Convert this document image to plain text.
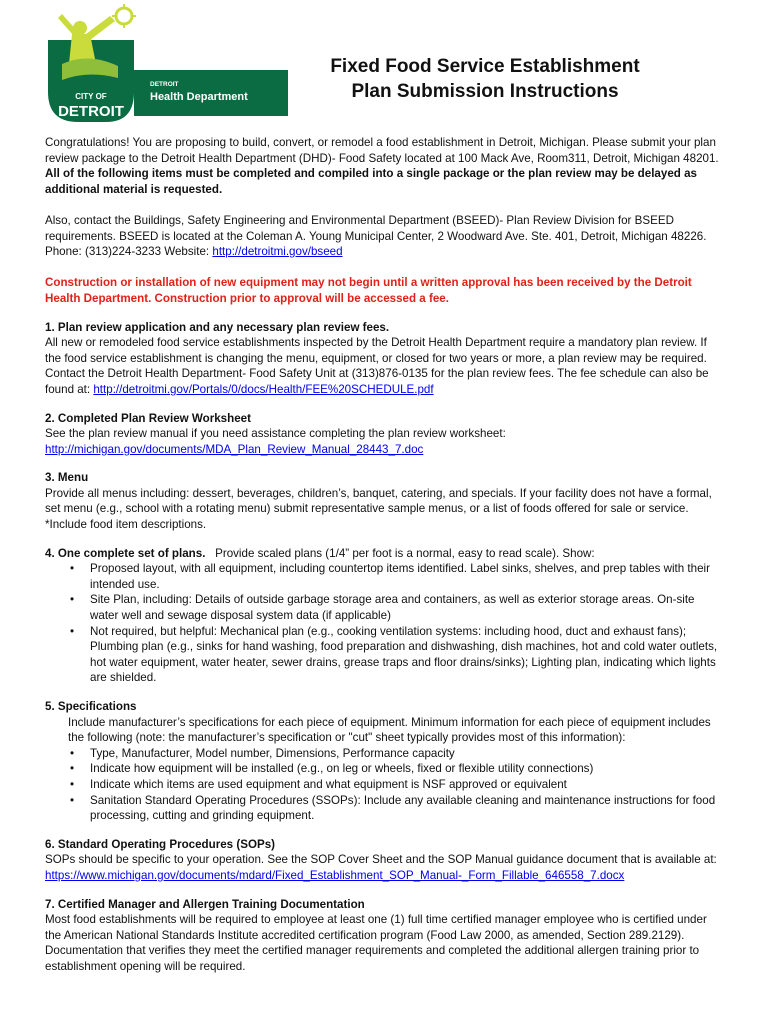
CITY OF
DETROIT
DETROIT
Health Department
Fixed Food Service Establishment
Plan Submission Instructions

Congratulations! You are proposing to build, convert, or remodel a food establishment in Detroit, Michigan. Please submit your plan review package to the Detroit Health Department (DHD)- Food Safety located at 100 Mack Ave, Room311, Detroit, Michigan 48201. All of the following items must be completed and compiled into a single package or the plan review may be delayed as additional material is requested.

Also, contact the Buildings, Safety Engineering and Environmental Department (BSEED)- Plan Review Division for BSEED requirements. BSEED is located at the Coleman A. Young Municipal Center, 2 Woodward Ave. Ste. 401, Detroit, Michigan 48226. Phone: (313)224-3233 Website: http://detroitmi.gov/bseed

Construction or installation of new equipment may not begin until a written approval has been received by the Detroit Health Department. Construction prior to approval will be accessed a fee.

1. Plan review application and any necessary plan review fees.

All new or remodeled food service establishments inspected by the Detroit Health Department require a mandatory plan review. If the food service establishment is changing the menu, equipment, or closed for two years or more, a plan review may be required. Contact the Detroit Health Department- Food Safety Unit at (313)876-0135 for the plan review fees. The fee schedule can also be found at: http://detroitmi.gov/Portals/0/docs/Health/FEE%20SCHEDULE.pdf

2. Completed Plan Review Worksheet

See the plan review manual if you need assistance completing the plan review worksheet:

http://michigan.gov/documents/MDA_Plan_Review_Manual_28443_7.doc

3. Menu

Provide all menus including: dessert, beverages, children’s, banquet, catering, and specials. If your facility does not have a formal, set menu (e.g., school with a rotating menu) submit representative sample menus, or a list of foods offered for sale or service. *Include food item descriptions.

4. One complete set of plans. Provide scaled plans (1/4” per foot is a normal, easy to read scale). Show:

• Proposed layout, with all equipment, including countertop items identified. Label sinks, shelves, and prep tables with their intended use.
• Site Plan, including: Details of outside garbage storage area and containers, as well as exterior storage areas. On-site water well and sewage disposal system data (if applicable)
• Not required, but helpful: Mechanical plan (e.g., cooking ventilation systems: including hood, duct and exhaust fans); Plumbing plan (e.g., sinks for hand washing, food preparation and dishwashing, dish machines, hot and cold water outlets, hot water equipment, water heater, sewer drains, grease traps and floor drains/sinks); Lighting plan, indicating which lights are shielded.

5. Specifications

Include manufacturer’s specifications for each piece of equipment. Minimum information for each piece of equipment includes the following (note: the manufacturer’s specification or "cut" sheet typically provides most of this information):

• Type, Manufacturer, Model number, Dimensions, Performance capacity
• Indicate how equipment will be installed (e.g., on leg or wheels, fixed or flexible utility connections)
• Indicate which items are used equipment and what equipment is NSF approved or equivalent
• Sanitation Standard Operating Procedures (SSOPs): Include any available cleaning and maintenance instructions for food processing, cutting and grinding equipment.

6. Standard Operating Procedures (SOPs)

SOPs should be specific to your operation. See the SOP Cover Sheet and the SOP Manual guidance document that is available at:

https://www.michigan.gov/documents/mdard/Fixed_Establishment_SOP_Manual-_Form_Fillable_646558_7.docx

7. Certified Manager and Allergen Training Documentation

Most food establishments will be required to employee at least one (1) full time certified manager employee who is certified under the American National Standards Institute accredited certification program (Food Law 2000, as amended, Section 289.2129). Documentation that verifies they meet the certified manager requirements and completed the additional allergen training prior to establishment opening will be required.
